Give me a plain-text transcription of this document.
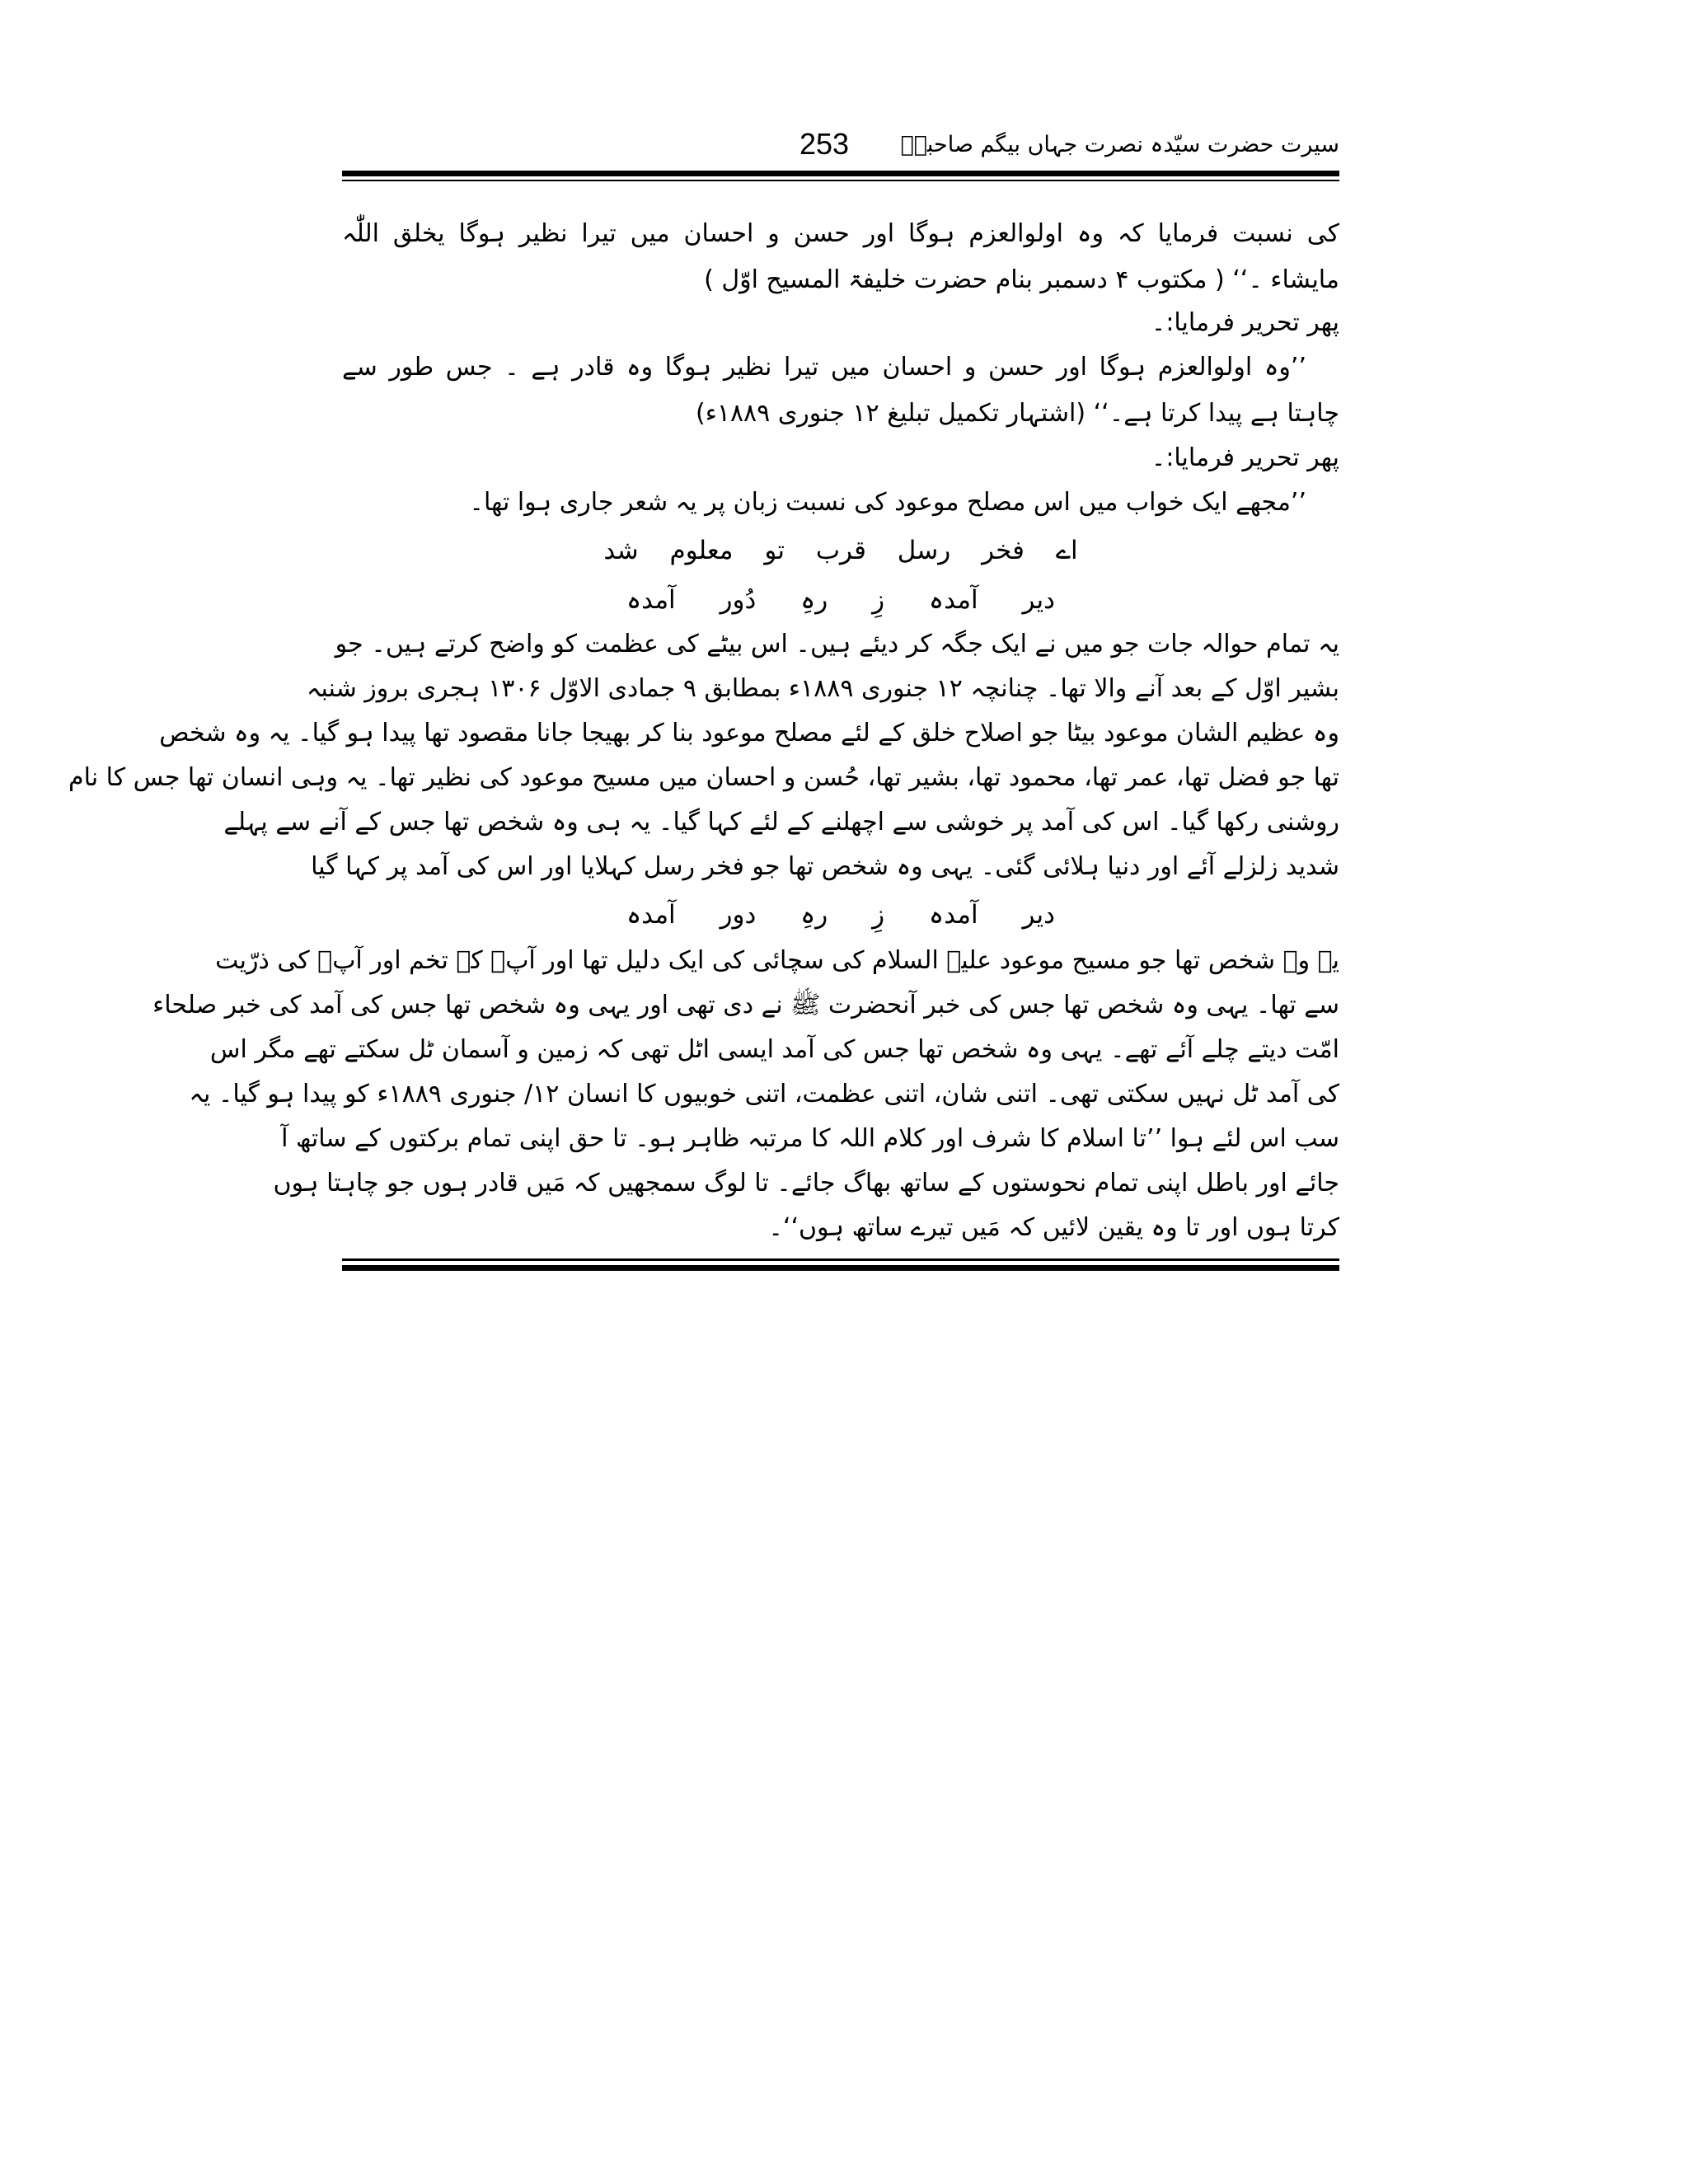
253 سیرت حضرت سیّدہ نصرت جہاں بیگم صاحبہؓ
کی نسبت فرمایا کہ وہ اولوالعزم ہوگا اور حسن و احسان میں تیرا نظیر ہوگا یخلق اللّٰہ
مایشاء ۔‘‘ ( مکتوب ۴ دسمبر بنام حضرت خلیفۃ المسیح اوّل )
پھر تحریر فرمایا:۔
’’وہ اولوالعزم ہوگا اور حسن و احسان میں تیرا نظیر ہوگا وہ قادر ہے ۔ جس طور سے
چاہتا ہے پیدا کرتا ہے۔‘‘ (اشتہار تکمیل تبلیغ ۱۲ جنوری ۱۸۸۹ء)
پھر تحریر فرمایا:۔
’’مجھے ایک خواب میں اس مصلح موعود کی نسبت زبان پر یہ شعر جاری ہوا تھا۔
اے فخر رسل قرب تو معلوم شد
دیر آمدہ زِ رہِ دُور آمدہ
یہ تمام حوالہ جات جو میں نے ایک جگہ کر دیئے ہیں۔ اس بیٹے کی عظمت کو واضح کرتے ہیں۔ جو
بشیر اوّل کے بعد آنے والا تھا۔ چنانچہ ۱۲ جنوری ۱۸۸۹ء بمطابق ۹ جمادی الاوّل ۱۳۰۶ ہجری بروز شنبہ
وہ عظیم الشان موعود بیٹا جو اصلاح خلق کے لئے مصلح موعود بنا کر بھیجا جانا مقصود تھا پیدا ہو گیا۔ یہ وہ شخص
تھا جو فضل تھا، عمر تھا، محمود تھا، بشیر تھا، حُسن و احسان میں مسیح موعود کی نظیر تھا۔ یہ وہی انسان تھا جس کا نام
روشنی رکھا گیا۔ اس کی آمد پر خوشی سے اچھلنے کے لئے کہا گیا۔ یہ ہی وہ شخص تھا جس کے آنے سے پہلے
شدید زلزلے آئے اور دنیا ہلائی گئی۔ یہی وہ شخص تھا جو فخر رسل کہلایا اور اس کی آمد پر کہا گیا
دیر آمدہ زِ رہِ دور آمدہ
یہ وہ شخص تھا جو مسیح موعود علیہ السلام کی سچائی کی ایک دلیل تھا اور آپؑ کے تخم اور آپؑ کی ذرّیت
سے تھا۔ یہی وہ شخص تھا جس کی خبر آنحضرت ﷺ نے دی تھی اور یہی وہ شخص تھا جس کی آمد کی خبر صلحاء
امّت دیتے چلے آئے تھے۔ یہی وہ شخص تھا جس کی آمد ایسی اٹل تھی کہ زمین و آسمان ٹل سکتے تھے مگر اس
کی آمد ٹل نہیں سکتی تھی۔ اتنی شان، اتنی عظمت، اتنی خوبیوں کا انسان ۱۲/ جنوری ۱۸۸۹ء کو پیدا ہو گیا۔ یہ
سب اس لئے ہوا ’’تا اسلام کا شرف اور کلام اللہ کا مرتبہ ظاہر ہو۔ تا حق اپنی تمام برکتوں کے ساتھ آ
جائے اور باطل اپنی تمام نحوستوں کے ساتھ بھاگ جائے۔ تا لوگ سمجھیں کہ مَیں قادر ہوں جو چاہتا ہوں
کرتا ہوں اور تا وہ یقین لائیں کہ مَیں تیرے ساتھ ہوں‘‘۔
